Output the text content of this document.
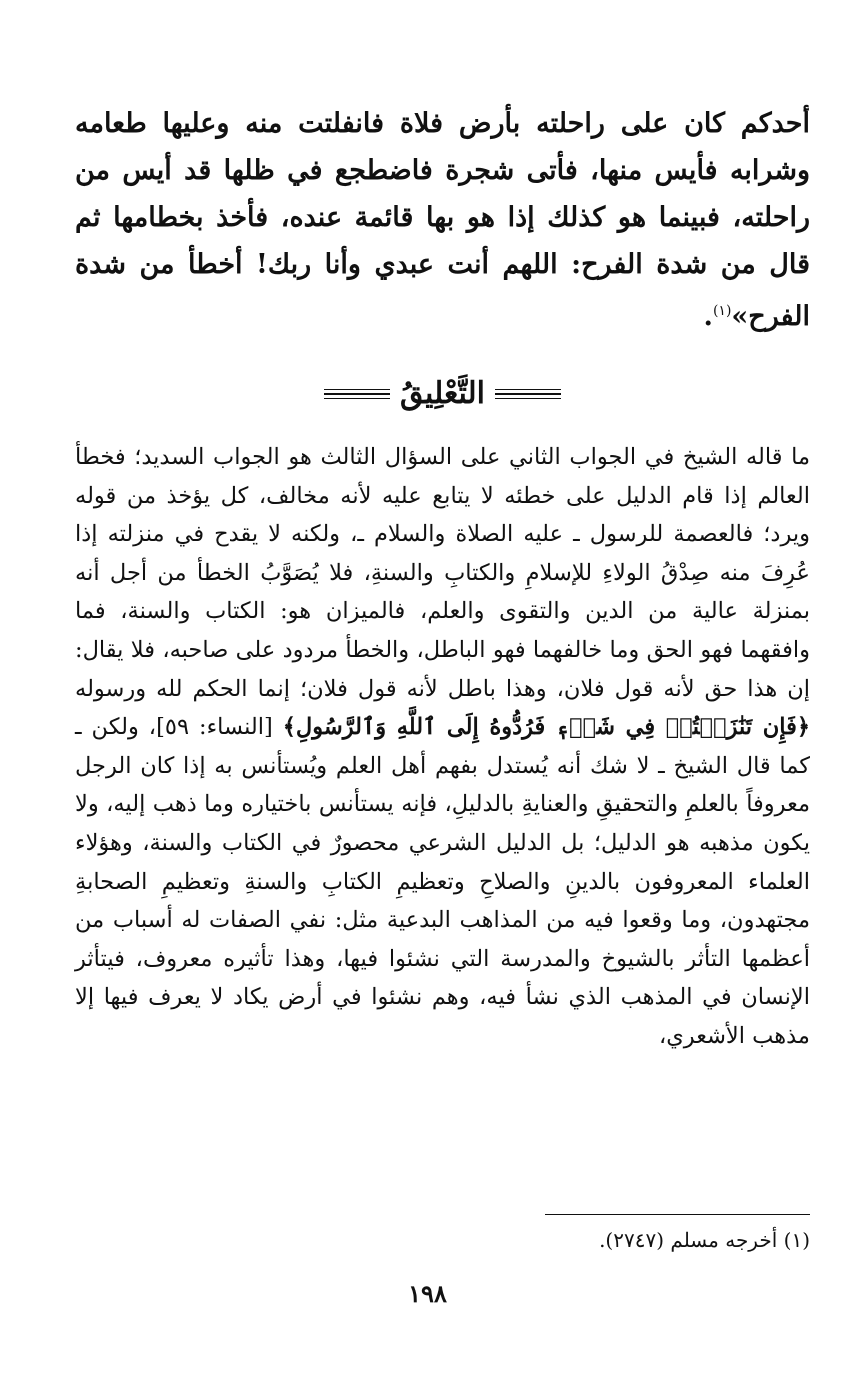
أحدكم كان على راحلته بأرض فلاة فانفلتت منه وعليها طعامه وشرابه فأيس منها، فأتى شجرة فاضطجع في ظلها قد أيس من راحلته، فبينما هو كذلك إذا هو بها قائمة عنده، فأخذ بخطامها ثم قال من شدة الفرح: اللهم أنت عبدي وأنا ربك! أخطأ من شدة الفرح»$^{(١)}$.

التَّعْلِيقُ

ما قاله الشيخ في الجواب الثاني على السؤال الثالث هو الجواب السديد؛ فخطأ العالم إذا قام الدليل على خطئه لا يتابع عليه لأنه مخالف، كل يؤخذ من قوله ويرد؛ فالعصمة للرسول ـ عليه الصلاة والسلام ـ، ولكنه لا يقدح في منزلته إذا عُرِفَ منه صِدْقُ الولاءِ للإسلامِ والكتابِ والسنةِ، فلا يُصَوَّبُ الخطأ من أجل أنه بمنزلة عالية من الدين والتقوى والعلم، فالميزان هو: الكتاب والسنة، فما وافقهما فهو الحق وما خالفهما فهو الباطل، والخطأ مردود على صاحبه، فلا يقال: إن هذا حق لأنه قول فلان، وهذا باطل لأنه قول فلان؛ إنما الحكم لله ورسوله ﴿فَإِن تَنَٰزَعۡتُمۡ فِي شَيۡءٖ فَرُدُّوهُ إِلَى ٱللَّهِ وَٱلرَّسُولِ﴾ [النساء: ٥٩]، ولكن ـ كما قال الشيخ ـ لا شك أنه يُستدل بفهم أهل العلم ويُستأنس به إذا كان الرجل معروفاً بالعلمِ والتحقيقِ والعنايةِ بالدليلِ، فإنه يستأنس باختياره وما ذهب إليه، ولا يكون مذهبه هو الدليل؛ بل الدليل الشرعي محصورٌ في الكتاب والسنة، وهؤلاء العلماء المعروفون بالدينِ والصلاحِ وتعظيمِ الكتابِ والسنةِ وتعظيمِ الصحابةِ مجتهدون، وما وقعوا فيه من المذاهب البدعية مثل: نفي الصفات له أسباب من أعظمها التأثر بالشيوخ والمدرسة التي نشئوا فيها، وهذا تأثيره معروف، فيتأثر الإنسان في المذهب الذي نشأ فيه، وهم نشئوا في أرض يكاد لا يعرف فيها إلا مذهب الأشعري،

(١) أخرجه مسلم (٢٧٤٧).
١٩٨
